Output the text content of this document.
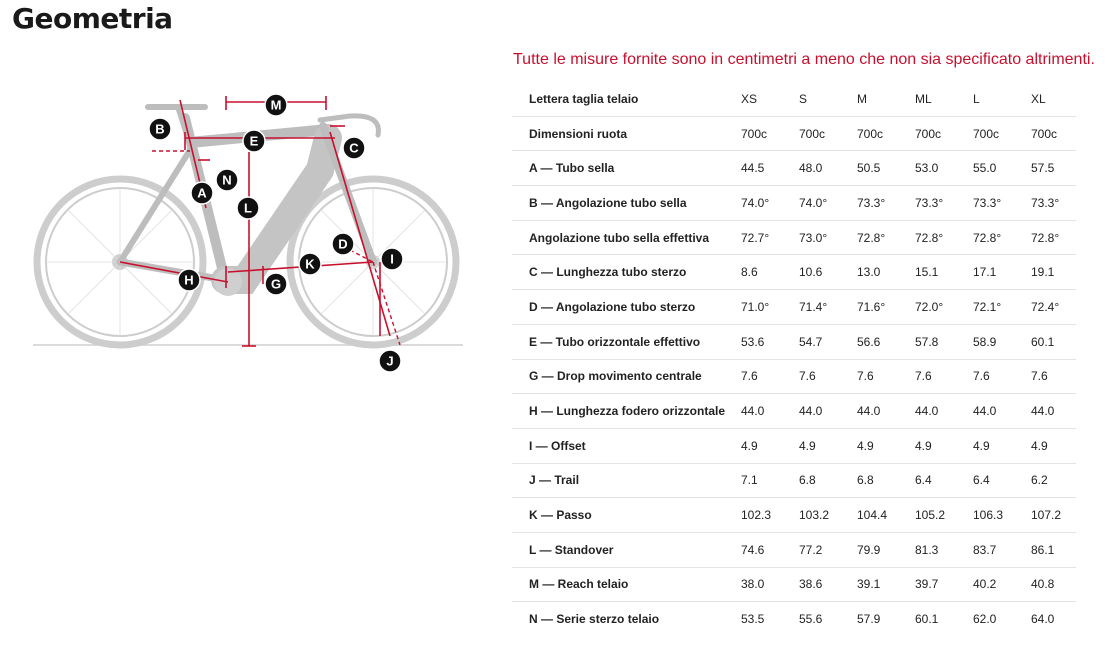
Geometria
Tutte le misure fornite sono in centimetri a meno che non sia specificato altrimenti.
A
B
C
D
E
G
H
I
J
K
L
M
N
Lettera taglia telaio	XS	S	M	ML	L	XL
Dimensioni ruota	700c	700c	700c	700c	700c	700c
A — Tubo sella	44.5	48.0	50.5	53.0	55.0	57.5
B — Angolazione tubo sella	74.0°	74.0°	73.3°	73.3°	73.3°	73.3°
Angolazione tubo sella effettiva	72.7°	73.0°	72.8°	72.8°	72.8°	72.8°
C — Lunghezza tubo sterzo	8.6	10.6	13.0	15.1	17.1	19.1
D — Angolazione tubo sterzo	71.0°	71.4°	71.6°	72.0°	72.1°	72.4°
E — Tubo orizzontale effettivo	53.6	54.7	56.6	57.8	58.9	60.1
G — Drop movimento centrale	7.6	7.6	7.6	7.6	7.6	7.6
H — Lunghezza fodero orizzontale	44.0	44.0	44.0	44.0	44.0	44.0
I — Offset	4.9	4.9	4.9	4.9	4.9	4.9
J — Trail	7.1	6.8	6.8	6.4	6.4	6.2
K — Passo	102.3	103.2	104.4	105.2	106.3	107.2
L — Standover	74.6	77.2	79.9	81.3	83.7	86.1
M — Reach telaio	38.0	38.6	39.1	39.7	40.2	40.8
N — Serie sterzo telaio	53.5	55.6	57.9	60.1	62.0	64.0
